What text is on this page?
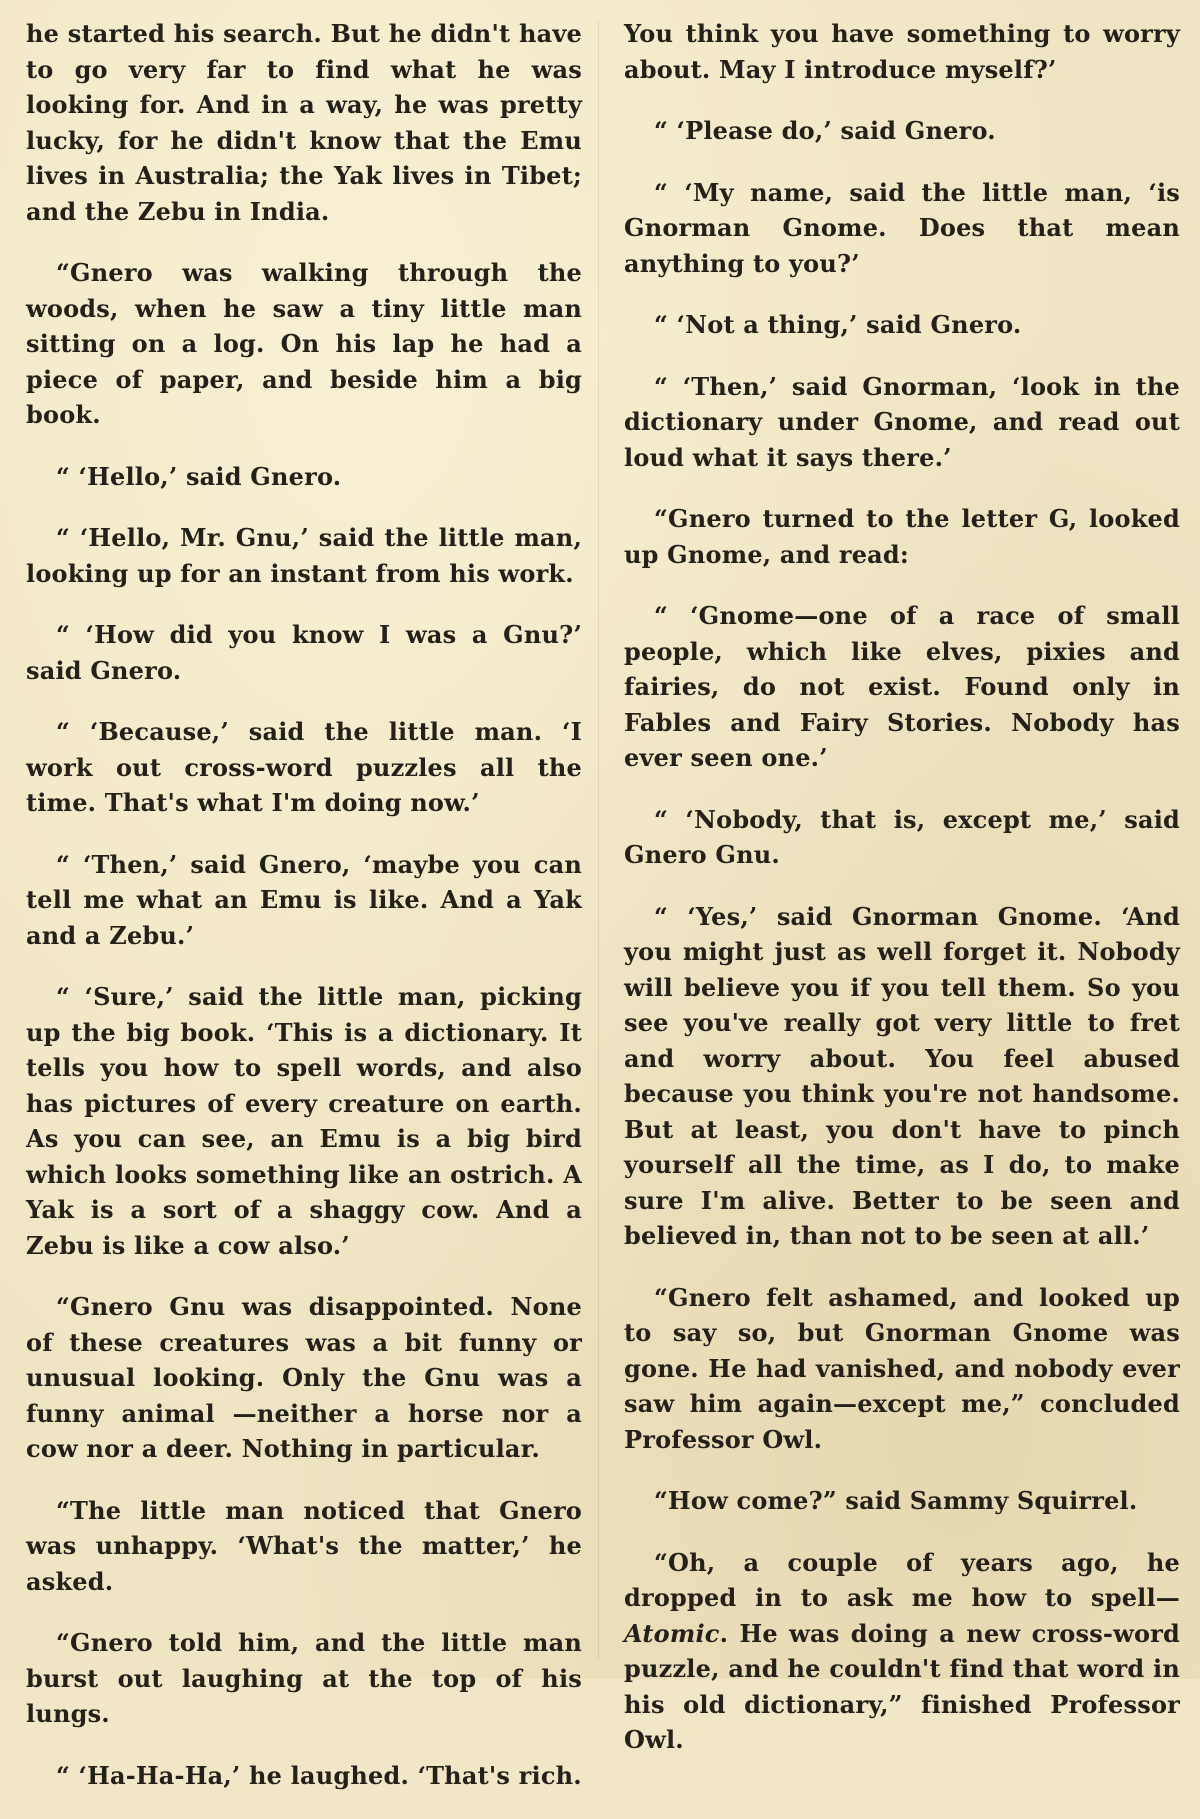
he started his search. But he didn't have to go very far to find what he was looking for. And in a way, he was pretty lucky, for he didn't know that the Emu lives in Australia; the Yak lives in Tibet; and the Zebu in India.

“Gnero was walking through the woods, when he saw a tiny little man sitting on a log. On his lap he had a piece of paper, and beside him a big book.

“ ‘Hello,’ said Gnero.

“ ‘Hello, Mr. Gnu,’ said the little man, looking up for an instant from his work.

“ ‘How did you know I was a Gnu?’ said Gnero.

“ ‘Because,’ said the little man. ‘I work out cross-word puzzles all the time. That's what I'm doing now.’

“ ‘Then,’ said Gnero, ‘maybe you can tell me what an Emu is like. And a Yak and a Zebu.’

“ ‘Sure,’ said the little man, picking up the big book. ‘This is a dictionary. It tells you how to spell words, and also has pictures of every creature on earth. As you can see, an Emu is a big bird which looks something like an ostrich. A Yak is a sort of a shaggy cow. And a Zebu is like a cow also.’

“Gnero Gnu was disappointed. None of these creatures was a bit funny or unusual looking. Only the Gnu was a funny animal —neither a horse nor a cow nor a deer. Nothing in particular.

“The little man noticed that Gnero was unhappy. ‘What's the matter,’ he asked.

“Gnero told him, and the little man burst out laughing at the top of his lungs.

“ ‘Ha-Ha-Ha,’ he laughed. ‘That's rich.

You think you have something to worry about. May I introduce myself?’

“ ‘Please do,’ said Gnero.

“ ‘My name, said the little man, ‘is Gnorman Gnome. Does that mean anything to you?’

“ ‘Not a thing,’ said Gnero.

“ ‘Then,’ said Gnorman, ‘look in the dictionary under Gnome, and read out loud what it says there.’

“Gnero turned to the letter G, looked up Gnome, and read:

“ ‘Gnome—one of a race of small people, which like elves, pixies and fairies, do not exist. Found only in Fables and Fairy Stories. Nobody has ever seen one.’

“ ‘Nobody, that is, except me,’ said Gnero Gnu.

“ ‘Yes,’ said Gnorman Gnome. ‘And you might just as well forget it. Nobody will believe you if you tell them. So you see you've really got very little to fret and worry about. You feel abused because you think you're not handsome. But at least, you don't have to pinch yourself all the time, as I do, to make sure I'm alive. Better to be seen and believed in, than not to be seen at all.’

“Gnero felt ashamed, and looked up to say so, but Gnorman Gnome was gone. He had vanished, and nobody ever saw him again—except me,” concluded Professor Owl.

“How come?” said Sammy Squirrel.

“Oh, a couple of years ago, he dropped in to ask me how to spell—Atomic. He was doing a new cross-word puzzle, and he couldn't find that word in his old dictionary,” finished Professor Owl.
